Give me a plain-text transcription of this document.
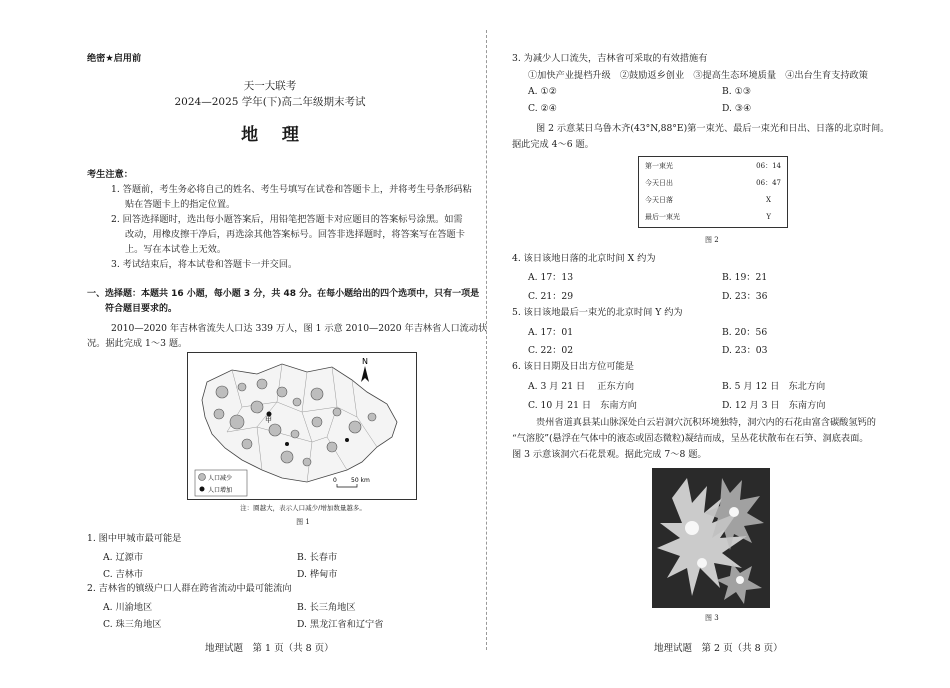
绝密★启用前
天一大联考
2024—2025 学年(下)高二年级期末考试
地    理
考生注意：
1. 答题前，考生务必将自己的姓名、考生号填写在试卷和答题卡上，并将考生号条形码粘
贴在答题卡上的指定位置。
2. 回答选择题时，选出每小题答案后，用铅笔把答题卡对应题目的答案标号涂黑。如需
改动，用橡皮擦干净后，再选涂其他答案标号。回答非选择题时，将答案写在答题卡
上。写在本试卷上无效。
3. 考试结束后，将本试卷和答题卡一并交回。
一、选择题：本题共 16 小题，每小题 3 分，共 48 分。在每小题给出的四个选项中，只有一项是
符合题目要求的。
2010—2020 年吉林省流失人口达 339 万人，图 1 示意 2010—2020 年吉林省人口流动状
况。据此完成 1～3 题。
甲
N
人口减少
人口增加
0 50 km
注：圈越大，表示人口减少/增加数量越多。
图 1
1. 图中甲城市最可能是
A. 辽源市	B. 长春市
C. 吉林市	D. 桦甸市
2. 吉林省的镇级户口人群在跨省流动中最可能流向
A. 川渝地区	B. 长三角地区
C. 珠三角地区	D. 黑龙江省和辽宁省
地理试题　第 1 页（共 8 页）
3. 为减少人口流失，吉林省可采取的有效措施有
①加快产业提档升级　②鼓励返乡创业　③提高生态环境质量　④出台生育支持政策
A. ①②	B. ①③
C. ②④	D. ③④
图 2 示意某日乌鲁木齐(43°N,88°E)第一束光、最后一束光和日出、日落的北京时间。
据此完成 4～6 题。
第一束光	06：14
今天日出	06：47
今天日落	X
最后一束光	Y
图 2
4. 该日该地日落的北京时间 X 约为
A. 17：13	B. 19：21
C. 21：29	D. 23：36
5. 该日该地最后一束光的北京时间 Y 约为
A. 17：01	B. 20：56
C. 22：02	D. 23：03
6. 该日日期及日出方位可能是
A. 3 月 21 日　 正东方向	B. 5 月 12 日　东北方向
C. 10 月 21 日　东南方向	D. 12 月 3 日　东南方向
贵州省道真县某山脉深处白云岩洞穴沉积环境独特，洞穴内的石花由富含碳酸氢钙的
“气溶胶”(悬浮在气体中的液态或固态微粒)凝结而成，呈丛花状散布在石笋、洞底表面。
图 3 示意该洞穴石花景观。据此完成 7～8 题。
图 3
地理试题　第 2 页（共 8 页）
